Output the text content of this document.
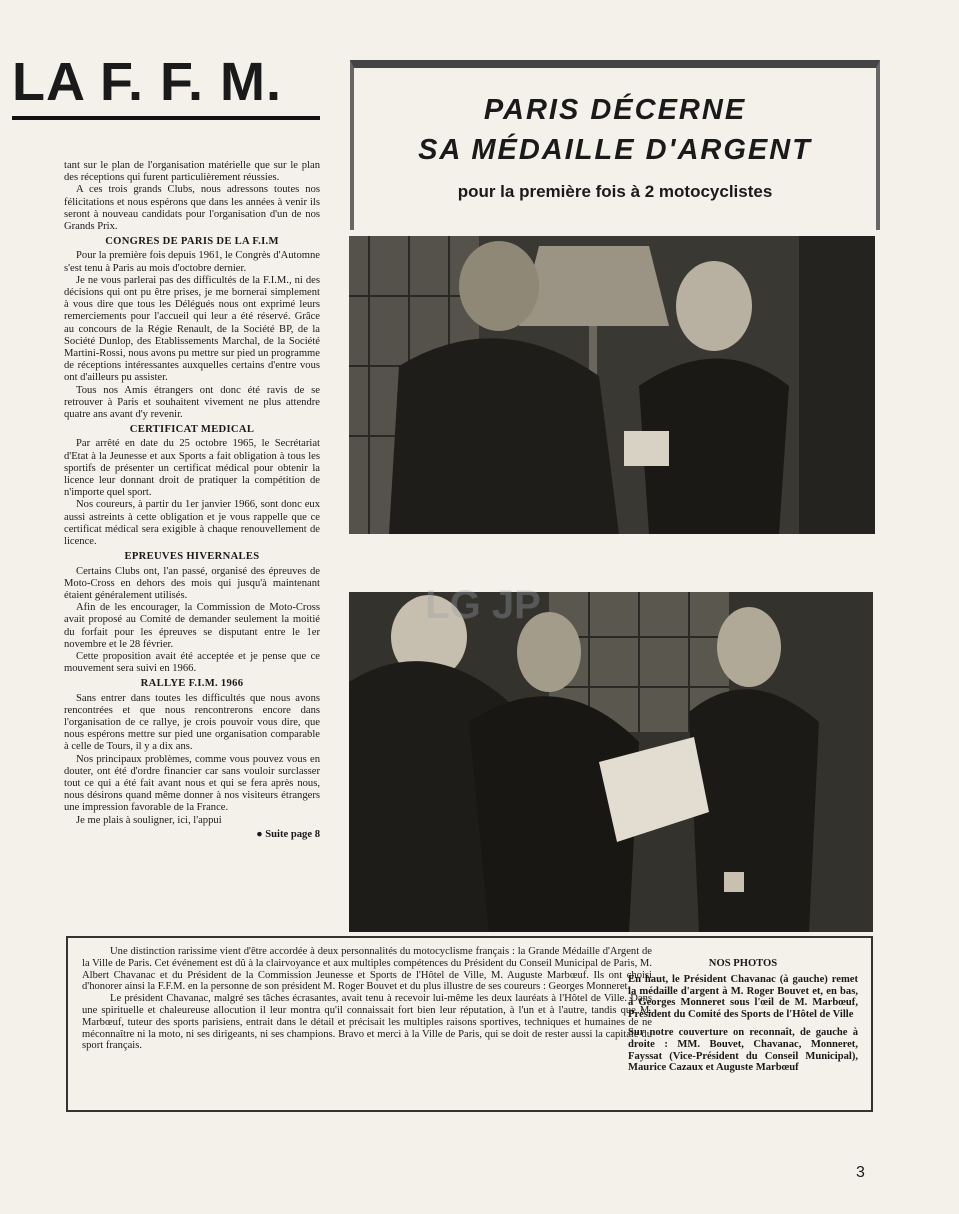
LA F. F. M.

tant sur le plan de l'organisation matérielle que sur le plan des réceptions qui furent particulièrement réussies.

A ces trois grands Clubs, nous adressons toutes nos félicitations et nous espérons que dans les années à venir ils seront à nouveau candidats pour l'organisation d'un de nos Grands Prix.

CONGRES DE PARIS DE LA F.I.M

Pour la première fois depuis 1961, le Congrès d'Automne s'est tenu à Paris au mois d'octobre dernier.

Je ne vous parlerai pas des difficultés de la F.I.M., ni des décisions qui ont pu être prises, je me bornerai simplement à vous dire que tous les Délégués nous ont exprimé leurs remerciements pour l'accueil qui leur a été réservé. Grâce au concours de la Régie Renault, de la Société BP, de la Société Dunlop, des Etablissements Marchal, de la Société Martini-Rossi, nous avons pu mettre sur pied un programme de réceptions intéressantes auxquelles certains d'entre vous ont d'ailleurs pu assister.

Tous nos Amis étrangers ont donc été ravis de se retrouver à Paris et souhaitent vivement ne plus attendre quatre ans avant d'y revenir.

CERTIFICAT MEDICAL

Par arrêté en date du 25 octobre 1965, le Secrétariat d'Etat à la Jeunesse et aux Sports a fait obligation à tous les sportifs de présenter un certificat médical pour obtenir la licence leur donnant droit de pratiquer la compétition de n'importe quel sport.

Nos coureurs, à partir du 1er janvier 1966, sont donc eux aussi astreints à cette obligation et je vous rappelle que ce certificat médical sera exigible à chaque renouvellement de licence.

EPREUVES HIVERNALES

Certains Clubs ont, l'an passé, organisé des épreuves de Moto-Cross en dehors des mois qui jusqu'à maintenant étaient généralement utilisés.

Afin de les encourager, la Commission de Moto-Cross avait proposé au Comité de demander seulement la moitié du forfait pour les épreuves se disputant entre le 1er novembre et le 28 février.

Cette proposition avait été acceptée et je pense que ce mouvement sera suivi en 1966.

RALLYE F.I.M. 1966

Sans entrer dans toutes les difficultés que nous avons rencontrées et que nous rencontrerons encore dans l'organisation de ce rallye, je crois pouvoir vous dire, que nous espérons mettre sur pied une organisation comparable à celle de Tours, il y a dix ans.

Nos principaux problèmes, comme vous pouvez vous en douter, ont été d'ordre financier car sans vouloir surclasser tout ce qui a été fait avant nous et qui se fera après nous, nous désirons quand même donner à nos visiteurs étrangers une impression favorable de la France.

Je me plais à souligner, ici, l'appui

● Suite page 8
PARIS DÉCERNE
SA MÉDAILLE D'ARGENT
pour la première fois à 2 motocyclistes
LG JP

Une distinction rarissime vient d'être accordée à deux personnalités du motocyclisme français : la Grande Médaille d'Argent de la Ville de Paris. Cet événement est dû à la clairvoyance et aux multiples compétences du Président du Conseil Municipal de Paris, M. Albert Chavanac et du Président de la Commission Jeunesse et Sports de l'Hôtel de Ville, M. Auguste Marbœuf. Ils ont choisi d'honorer ainsi la F.F.M. en la personne de son président M. Roger Bouvet et du plus illustre de ses coureurs : Georges Monneret.

Le président Chavanac, malgré ses tâches écrasantes, avait tenu à recevoir lui-même les deux lauréats à l'Hôtel de Ville. Dans une spirituelle et chaleureuse allocution il leur montra qu'il connaissait fort bien leur réputation, à l'un et à l'autre, tandis que M. Marbœuf, tuteur des sports parisiens, entrait dans le détail et précisait les multiples raisons sportives, techniques et humaines de ne méconnaître ni la moto, ni ses dirigeants, ni ses champions. Bravo et merci à la Ville de Paris, qui se doit de rester aussi la capitale du sport français.

NOS PHOTOS

En haut, le Président Chavanac (à gauche) remet la médaille d'argent à M. Roger Bouvet et, en bas, à Georges Monneret sous l'œil de M. Marbœuf, Président du Comité des Sports de l'Hôtel de Ville

Sur notre couverture on reconnaît, de gauche à droite : MM. Bouvet, Chavanac, Monneret, Fayssat (Vice-Président du Conseil Municipal), Maurice Cazaux et Auguste Marbœuf

3
